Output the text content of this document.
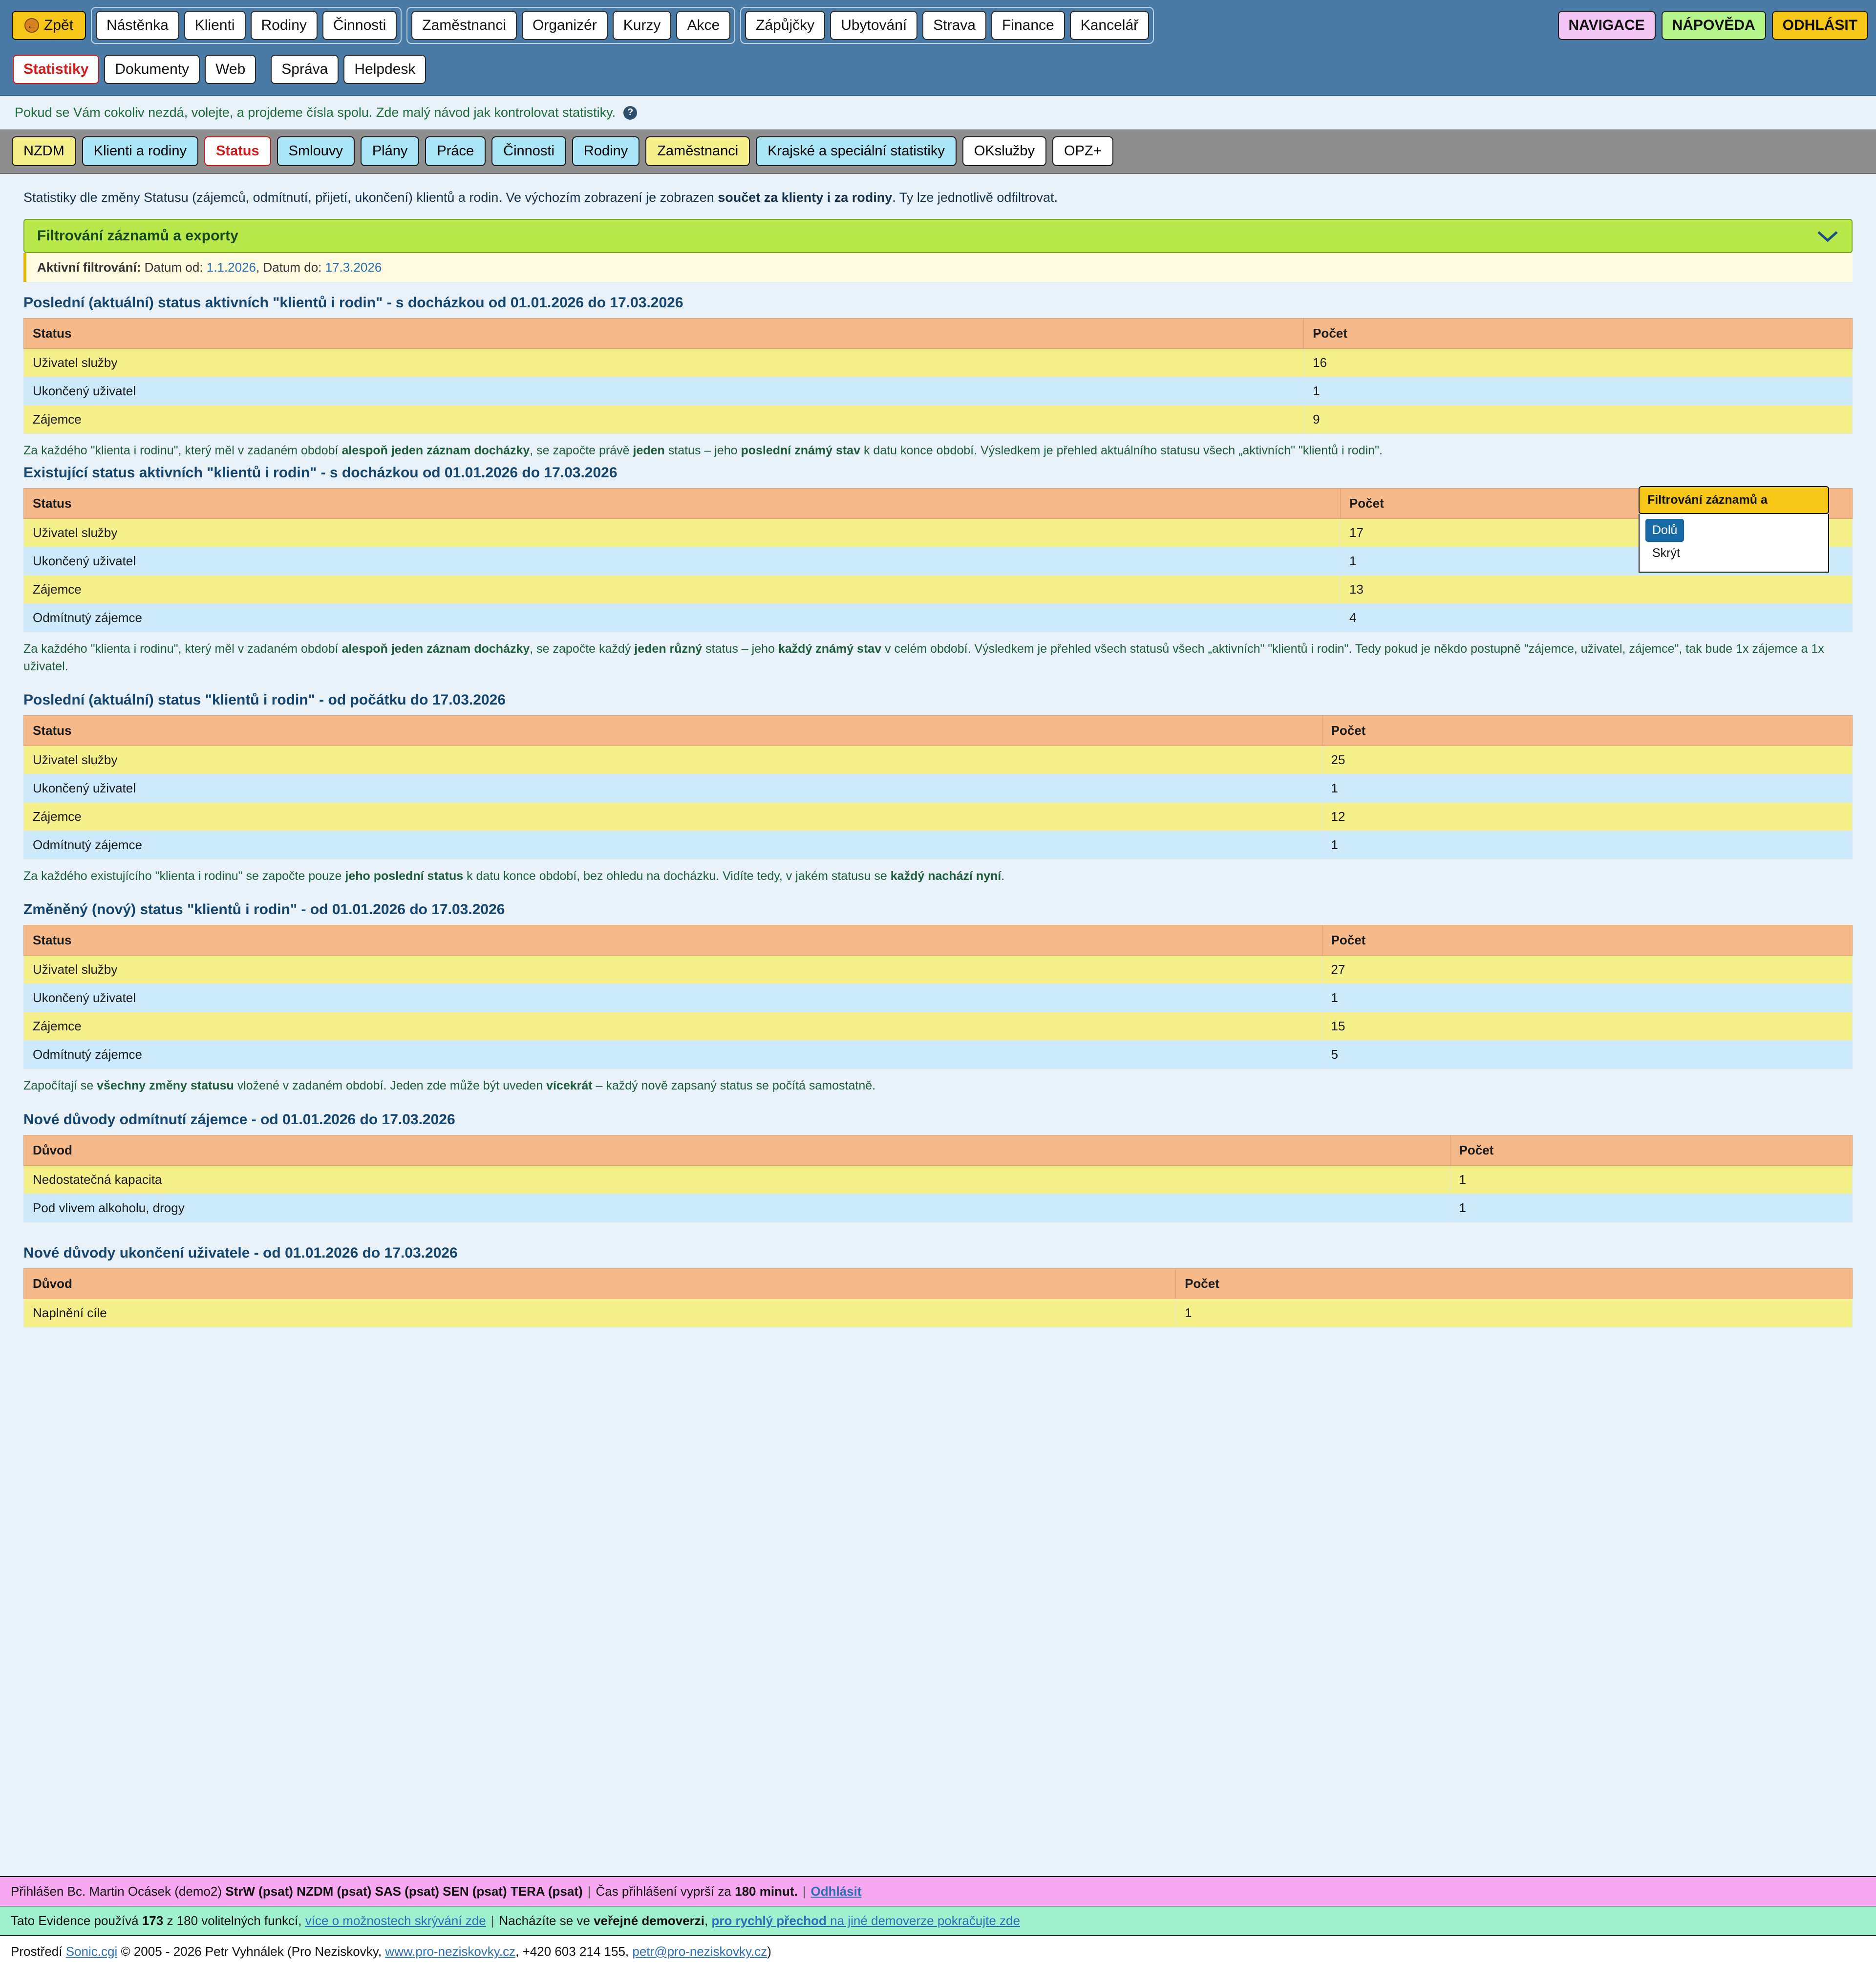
← Zpět	Nástěnka	Klienti	Rodiny	Činnosti	Zaměstnanci	Organizér	Kurzy	Akce	Zápůjčky	Ubytování	Strava	Finance	Kancelář	NAVIGACE	NÁPOVĚDA	ODHLÁSIT
Statistiky	Dokumenty	Web	Správa	Helpdesk
Pokud se Vám cokoliv nezdá, volejte, a projdeme čísla spolu. Zde malý návod jak kontrolovat statistiky.	?
NZDM	Klienti a rodiny	Status	Smlouvy	Plány	Práce	Činnosti	Rodiny	Zaměstnanci	Krajské a speciální statistiky	OKslužby	OPZ+
Statistiky dle změny Statusu (zájemců, odmítnutí, přijetí, ukončení) klientů a rodin. Ve výchozím zobrazení je zobrazen součet za klienty i za rodiny. Ty lze jednotlivě odfiltrovat.
Filtrování záznamů a exporty
Aktivní filtrování: Datum od: 1.1.2026, Datum do: 17.3.2026
Poslední (aktuální) status aktivních "klientů i rodin" - s docházkou od 01.01.2026 do 17.03.2026
Status	Počet
Uživatel služby	16
Ukončený uživatel	1
Zájemce	9
Za každého "klienta i rodinu", který měl v zadaném období alespoň jeden záznam docházky, se započte právě jeden status – jeho poslední známý stav k datu konce období. Výsledkem je přehled aktuálního statusu všech „aktivních" "klientů i rodin".
Existující status aktivních "klientů i rodin" - s docházkou od 01.01.2026 do 17.03.2026
Status	Počet
Uživatel služby	17
Ukončený uživatel	1
Zájemce	13
Odmítnutý zájemce	4
Filtrování záznamů a
Dolů
Skrýt
Za každého "klienta i rodinu", který měl v zadaném období alespoň jeden záznam docházky, se započte každý jeden různý status – jeho každý známý stav v celém období. Výsledkem je přehled všech statusů všech „aktivních" "klientů i rodin". Tedy pokud je někdo postupně "zájemce, uživatel, zájemce", tak bude 1x zájemce a 1x uživatel.
Poslední (aktuální) status "klientů i rodin" - od počátku do 17.03.2026
Status	Počet
Uživatel služby	25
Ukončený uživatel	1
Zájemce	12
Odmítnutý zájemce	1
Za každého existujícího "klienta i rodinu" se započte pouze jeho poslední status k datu konce období, bez ohledu na docházku. Vidíte tedy, v jakém statusu se každý nachází nyní.
Změněný (nový) status "klientů i rodin" - od 01.01.2026 do 17.03.2026
Status	Počet
Uživatel služby	27
Ukončený uživatel	1
Zájemce	15
Odmítnutý zájemce	5
Započítají se všechny změny statusu vložené v zadaném období. Jeden zde může být uveden vícekrát – každý nově zapsaný status se počítá samostatně.
Nové důvody odmítnutí zájemce - od 01.01.2026 do 17.03.2026
Důvod	Počet
Nedostatečná kapacita	1
Pod vlivem alkoholu, drogy	1
Nové důvody ukončení uživatele - od 01.01.2026 do 17.03.2026
Důvod	Počet
Naplnění cíle	1
Přihlášen Bc. Martin Ocásek (demo2) StrW (psat) NZDM (psat) SAS (psat) SEN (psat) TERA (psat) | Čas přihlášení vyprší za 180 minut. | Odhlásit
Tato Evidence používá 173 z 180 volitelných funkcí, více o možnostech skrývání zde | Nacházíte se ve veřejné demoverzi, pro rychlý přechod na jiné demoverze pokračujte zde
Prostředí Sonic.cgi © 2005 - 2026 Petr Vyhnálek (Pro Neziskovky, www.pro-neziskovky.cz, +420 603 214 155, petr@pro-neziskovky.cz)
